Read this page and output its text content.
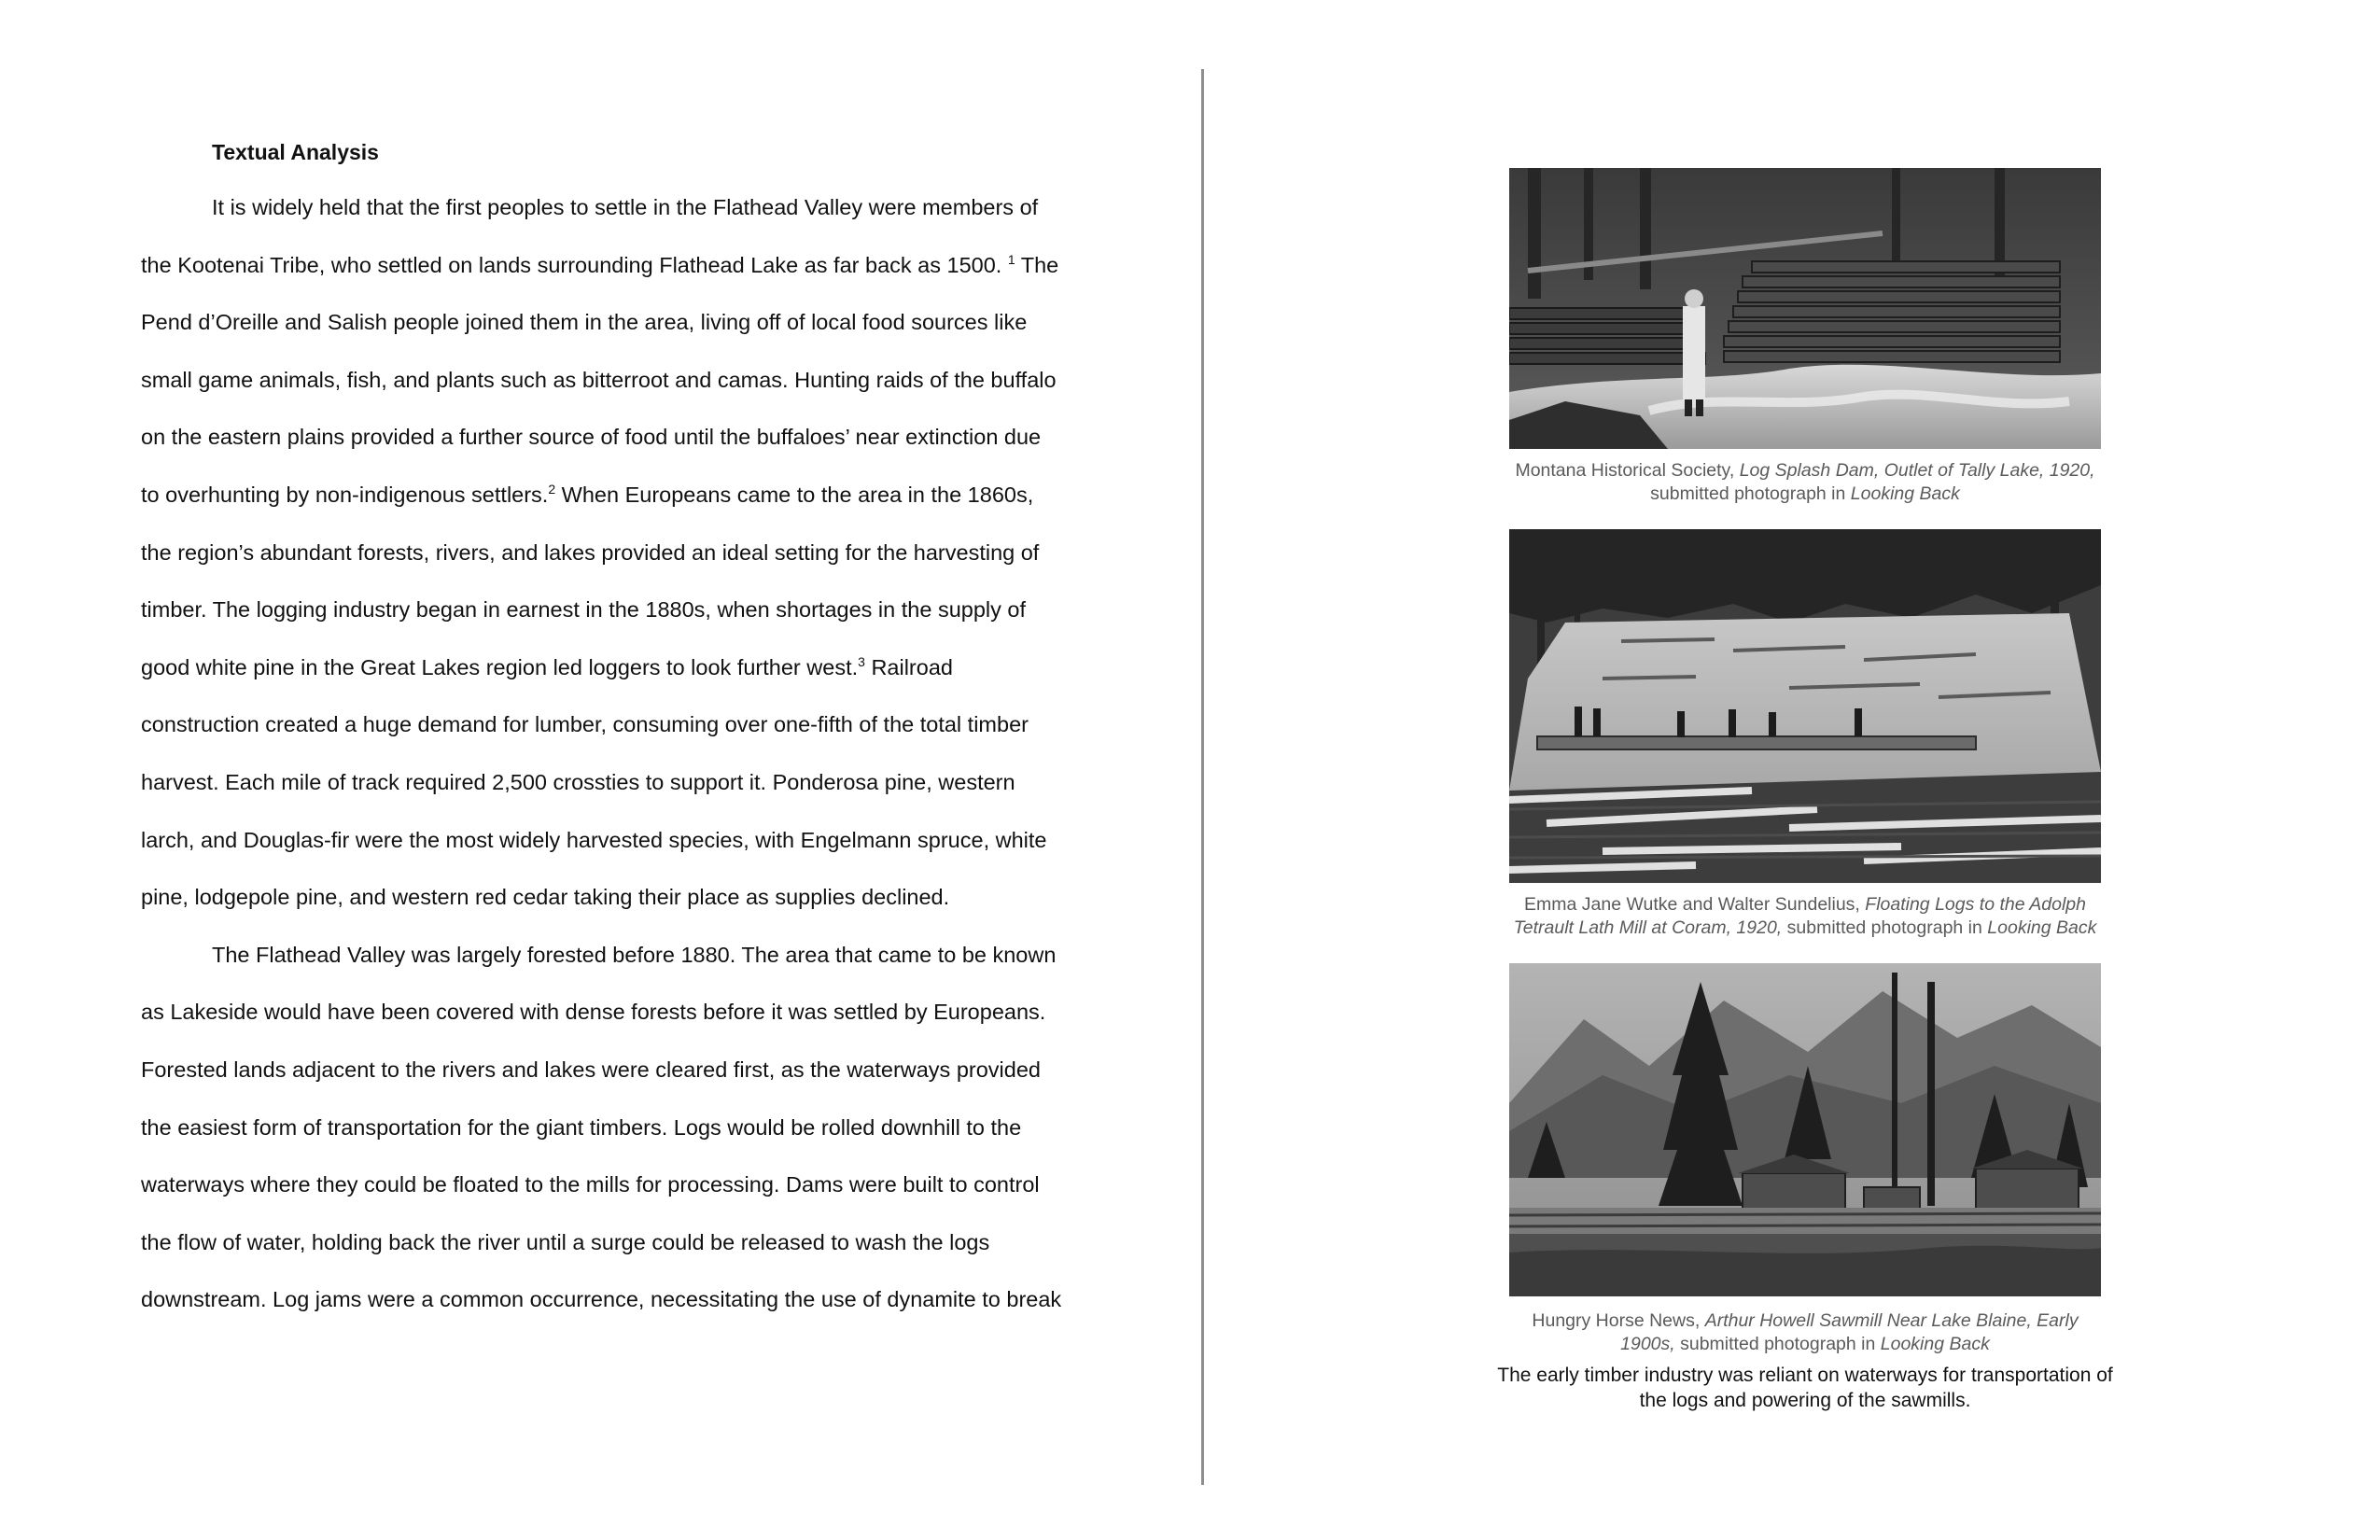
Textual Analysis

It is widely held that the first peoples to settle in the Flathead Valley were members of

the Kootenai Tribe, who settled on lands surrounding Flathead Lake as far back as 1500. $^1$ The

Pend d’Oreille and Salish people joined them in the area, living off of local food sources like

small game animals, fish, and plants such as bitterroot and camas. Hunting raids of the buffalo

on the eastern plains provided a further source of food until the buffaloes’ near extinction due

to overhunting by non-indigenous settlers.$^2$ When Europeans came to the area in the 1860s,

the region’s abundant forests, rivers, and lakes provided an ideal setting for the harvesting of

timber. The logging industry began in earnest in the 1880s, when shortages in the supply of

good white pine in the Great Lakes region led loggers to look further west.$^3$ Railroad

construction created a huge demand for lumber, consuming over one-fifth of the total timber

harvest. Each mile of track required 2,500 crossties to support it. Ponderosa pine, western

larch, and Douglas-fir were the most widely harvested species, with Engelmann spruce, white

pine, lodgepole pine, and western red cedar taking their place as supplies declined.

The Flathead Valley was largely forested before 1880. The area that came to be known

as Lakeside would have been covered with dense forests before it was settled by Europeans.

Forested lands adjacent to the rivers and lakes were cleared first, as the waterways provided

the easiest form of transportation for the giant timbers. Logs would be rolled downhill to the

waterways where they could be floated to the mills for processing. Dams were built to control

the flow of water, holding back the river until a surge could be released to wash the logs

downstream. Log jams were a common occurrence, necessitating the use of dynamite to break

Montana Historical Society, Log Splash Dam, Outlet of Tally Lake, 1920,
submitted photograph in Looking Back

Emma Jane Wutke and Walter Sundelius, Floating Logs to the Adolph
Tetrault Lath Mill at Coram, 1920, submitted photograph in Looking Back

Hungry Horse News, Arthur Howell Sawmill Near Lake Blaine, Early
1900s, submitted photograph in Looking Back

The early timber industry was reliant on waterways for transportation of the logs and powering of the sawmills.
